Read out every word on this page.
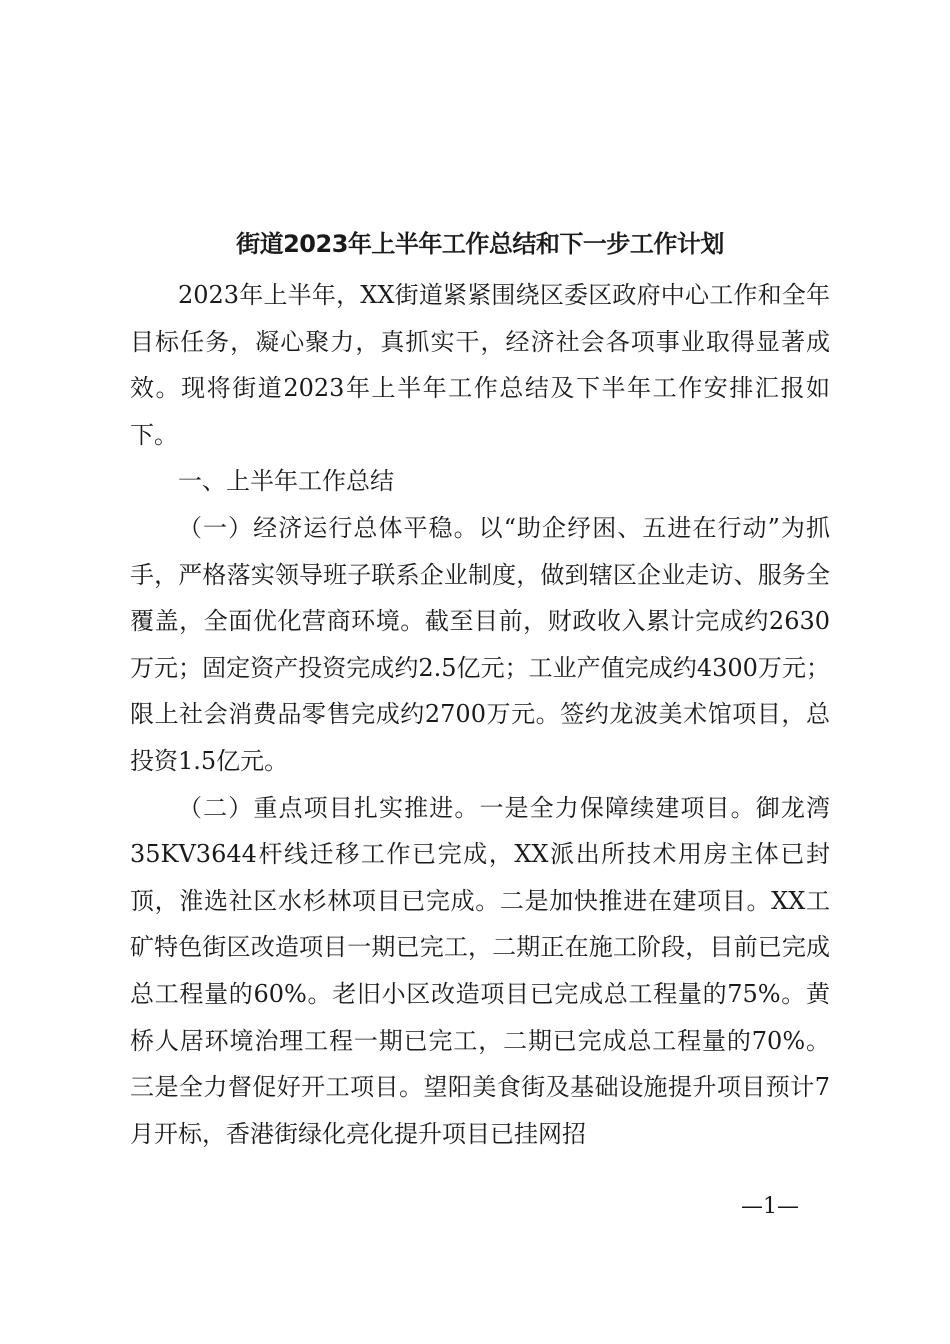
街道2023年上半年工作总结和下一步工作计划

2023年上半年，XX街道紧紧围绕区委区政府中心工作和全年目标任务，凝心聚力，真抓实干，经济社会各项事业取得显著成效。现将街道2023年上半年工作总结及下半年工作安排汇报如下。

一、上半年工作总结

（一）经济运行总体平稳。以“助企纾困、五进在行动”为抓手，严格落实领导班子联系企业制度，做到辖区企业走访、服务全覆盖，全面优化营商环境。截至目前，财政收入累计完成约2630万元；固定资产投资完成约2.5亿元；工业产值完成约4300万元；限上社会消费品零售完成约2700万元。签约龙波美术馆项目，总投资1.5亿元。

（二）重点项目扎实推进。一是全力保障续建项目。御龙湾35KV3644杆线迁移工作已完成，XX派出所技术用房主体已封顶，淮选社区水杉林项目已完成。二是加快推进在建项目。XX工矿特色街区改造项目一期已完工，二期正在施工阶段，目前已完成总工程量的60%。老旧小区改造项目已完成总工程量的75%。黄桥人居环境治理工程一期已完工，二期已完成总工程量的70%。三是全力督促好开工项目。望阳美食街及基础设施提升项目预计7月开标，香港街绿化亮化提升项目已挂网招

—1—
